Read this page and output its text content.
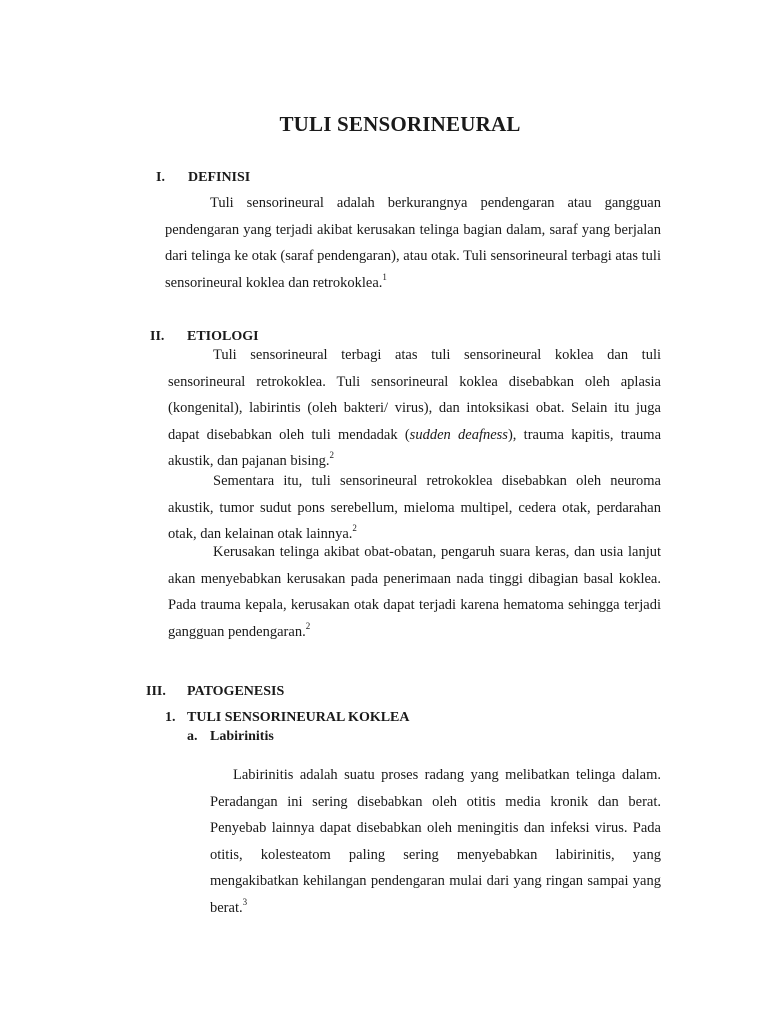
TULI SENSORINEURAL
I. DEFINISI
Tuli sensorineural adalah berkurangnya pendengaran atau gangguan pendengaran yang terjadi akibat kerusakan telinga bagian dalam, saraf yang berjalan dari telinga ke otak (saraf pendengaran), atau otak. Tuli sensorineural terbagi atas tuli sensorineural koklea dan retrokoklea.$^1$
II. ETIOLOGI
Tuli sensorineural terbagi atas tuli sensorineural koklea dan tuli sensorineural retrokoklea. Tuli sensorineural koklea disebabkan oleh aplasia (kongenital), labirintis (oleh bakteri/ virus), dan intoksikasi obat. Selain itu juga dapat disebabkan oleh tuli mendadak (sudden deafness), trauma kapitis, trauma akustik, dan pajanan bising.$^2$
Sementara itu, tuli sensorineural retrokoklea disebabkan oleh neuroma akustik, tumor sudut pons serebellum, mieloma multipel, cedera otak, perdarahan otak, dan kelainan otak lainnya.$^2$
Kerusakan telinga akibat obat-obatan, pengaruh suara keras, dan usia lanjut akan menyebabkan kerusakan pada penerimaan nada tinggi dibagian basal koklea. Pada trauma kepala, kerusakan otak dapat terjadi karena hematoma sehingga terjadi gangguan pendengaran.$^2$
III. PATOGENESIS
1. TULI SENSORINEURAL KOKLEA
a. Labirinitis
Labirinitis adalah suatu proses radang yang melibatkan telinga dalam. Peradangan ini sering disebabkan oleh otitis media kronik dan berat. Penyebab lainnya dapat disebabkan oleh meningitis dan infeksi virus. Pada otitis, kolesteatom paling sering menyebabkan labirinitis, yang mengakibatkan kehilangan pendengaran mulai dari yang ringan sampai yang berat.$^3$
